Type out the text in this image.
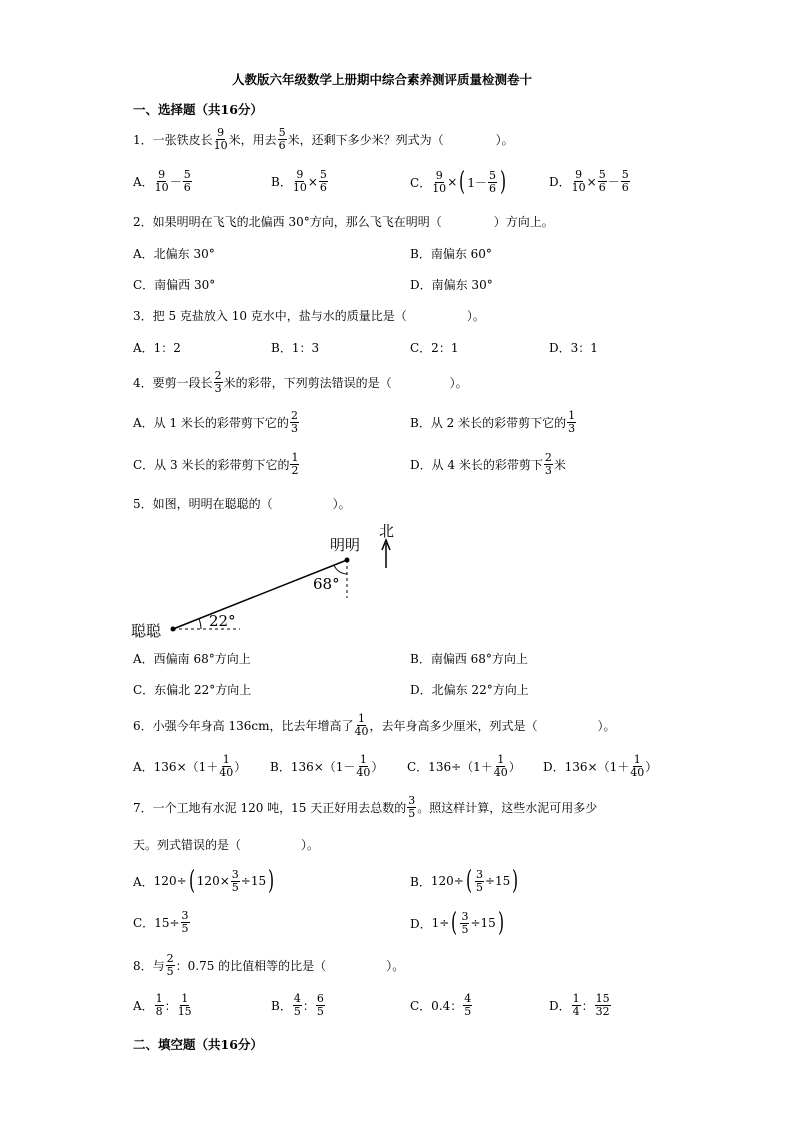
人教版六年级数学上册期中综合素养测评质量检测卷十
一、选择题（共16分）
1．一张铁皮长 $\frac{9}{10}$ 米，用去 $\frac{5}{6}$ 米，还剩下多少米？列式为（	）。
A． $\frac{9}{10} - \frac{5}{6}$	B． $\frac{9}{10} \times \frac{5}{6}$	C． $\frac{9}{10}$ × ( $1- \frac{5}{6}$ )	D． $\frac{9}{10} \times \frac{5}{6} - \frac{5}{6}$
2．如果明明在飞飞的北偏西 30°方向，那么飞飞在明明（	）方向上。
A．北偏东 30°	B．南偏东 60°
C．南偏西 30°	D．南偏东 30°
3．把 5 克盐放入 10 克水中，盐与水的质量比是（	）。
A．1：2	B．1：3	C．2：1	D．3：1
4．要剪一段长 $\frac{2}{3}$ 米的彩带，下列剪法错误的是（	）。
A．从 1 米长的彩带剪下它的 $\frac{2}{3}$	B．从 2 米长的彩带剪下它的 $\frac{1}{3}$
C．从 3 米长的彩带剪下它的 $\frac{1}{2}$	D．从 4 米长的彩带剪下 $\frac{2}{3}$ 米
5．如图，明明在聪聪的（	）。
北
明明
聪聪
68°
22°
A．西偏南 68°方向上	B．南偏西 68°方向上
C．东偏北 22°方向上	D．北偏东 22°方向上
6．小强今年身高 136cm，比去年增高了 $\frac{1}{40}$ ，去年身高多少厘米，列式是（	）。
A．$136\times(1+ \frac{1}{40}$ ） B．$136\times(1- \frac{1}{40}$ ） C．$136\div(1+ \frac{1}{40}$ ） D．$136\times(1+ \frac{1}{40}$ ）
7．一个工地有水泥 120 吨，15 天正好用去总数的 $\frac{3}{5}$ 。照这样计算，这些水泥可用多少
天。列式错误的是（	）。
A． 120÷ ( $120\times \frac{3}{5} \div 15$ )	B． 120÷ ( $\frac{3}{5} \div 15$ )
C． $15\div \frac{3}{5}$	D． 1÷ ( $\frac{3}{5} \div 15$ )
8．与 $\frac{2}{5}$ ：0.75 的比值相等的比是（	）。
A． $\frac{1}{8}$ ： $\frac{1}{15}$	B． $\frac{4}{5}$ ： $\frac{6}{5}$	C．0.4： $\frac{4}{5}$	D． $\frac{1}{4}$ ： $\frac{15}{32}$
二、填空题（共16分）
